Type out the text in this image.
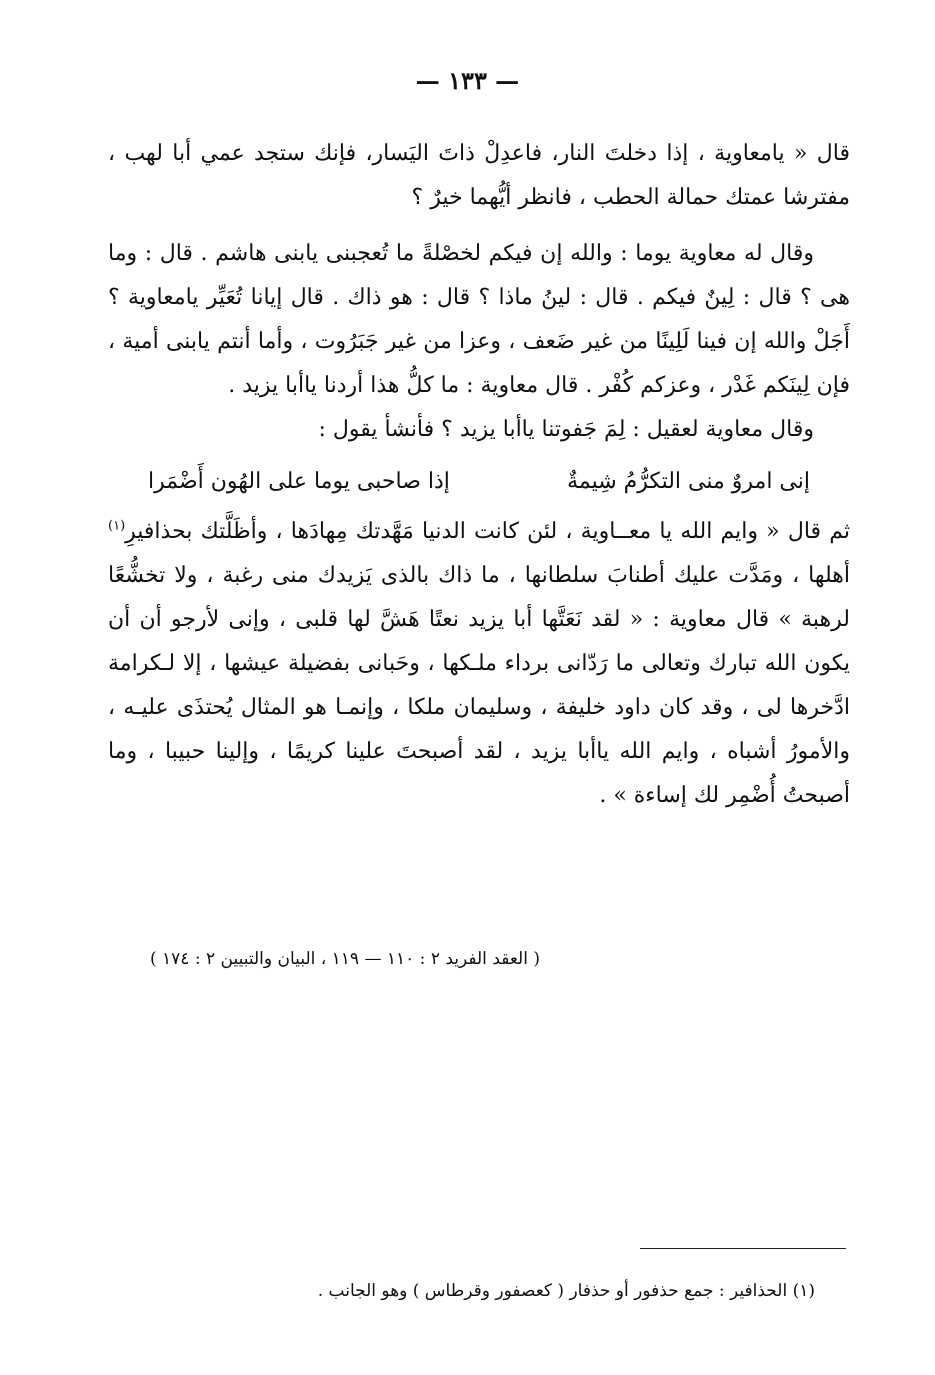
— ١٣٣ —

قال « يامعاوية ، إذا دخلتَ النار، فاعدِلْ ذاتَ اليَسار، فإنك ستجد عمي أبا لهب ، مفترشا عمتك حمالة الحطب ، فانظر أيُّهما خيرٌ ؟

وقال له معاوية يوما : والله إن فيكم لخصْلةً ما تُعجبنى يابنى هاشم . قال : وما هى ؟ قال : لِينٌ فيكم . قال : لينُ ماذا ؟ قال : هو ذاك . قال إيانا تُعَيِّر يامعاوية ؟ أَجَلْ والله إن فينا لَلِينًا من غير ضَعف ، وعزا من غير جَبَرُوت ، وأما أنتم يابنى أمية ، فإن لِينَكم غَدْر ، وعزكم كُفْر . قال معاوية : ما كلُّ هذا أردنا ياأبا يزيد .

وقال معاوية لعقيل : لِمَ جَفوتنا ياأبا يزيد ؟ فأنشأ يقول :

إنى امروٌ منى التكرُّمُ شِيمةٌ
إذا صاحبى يوما على الهُون أَضْمَرا

ثم قال « وايم الله يا معــاوية ، لئن كانت الدنيا مَهَّدتك مِهادَها ، وأظَلَّتك بحذافيرِ$^{(١)}$ أهلها ، ومَدَّت عليك أطنابَ سلطانها ، ما ذاك بالذى يَزيدك منى رغبة ، ولا تخشُّعًا لرهبة » قال معاوية : « لقد نَعَتَّها أبا يزيد نعتًا هَشَّ لها قلبى ، وإنى لأرجو أن أن يكون الله تبارك وتعالى ما رَدّانى برداء ملـكها ، وحَبانى بفضيلة عيشها ، إلا لـكرامة ادَّخرها لى ، وقد كان داود خليفة ، وسليمان ملكا ، وإنمـا هو المثال يُحتذَى عليـه ، والأمورُ أشباه ، وايم الله ياأبا يزيد ، لقد أصبحتَ علينا كريمًا ، وإلينا حبيبا ، وما أصبحتُ أُضْمِر لك إساءة » .

( العقد الفريد ٢ : ١١٠ — ١١٩ ، البيان والتبيين ٢ : ١٧٤ )
(١) الحذافير : جمع حذفور أو حذفار ( كعصفور وقرطاس ) وهو الجانب .
